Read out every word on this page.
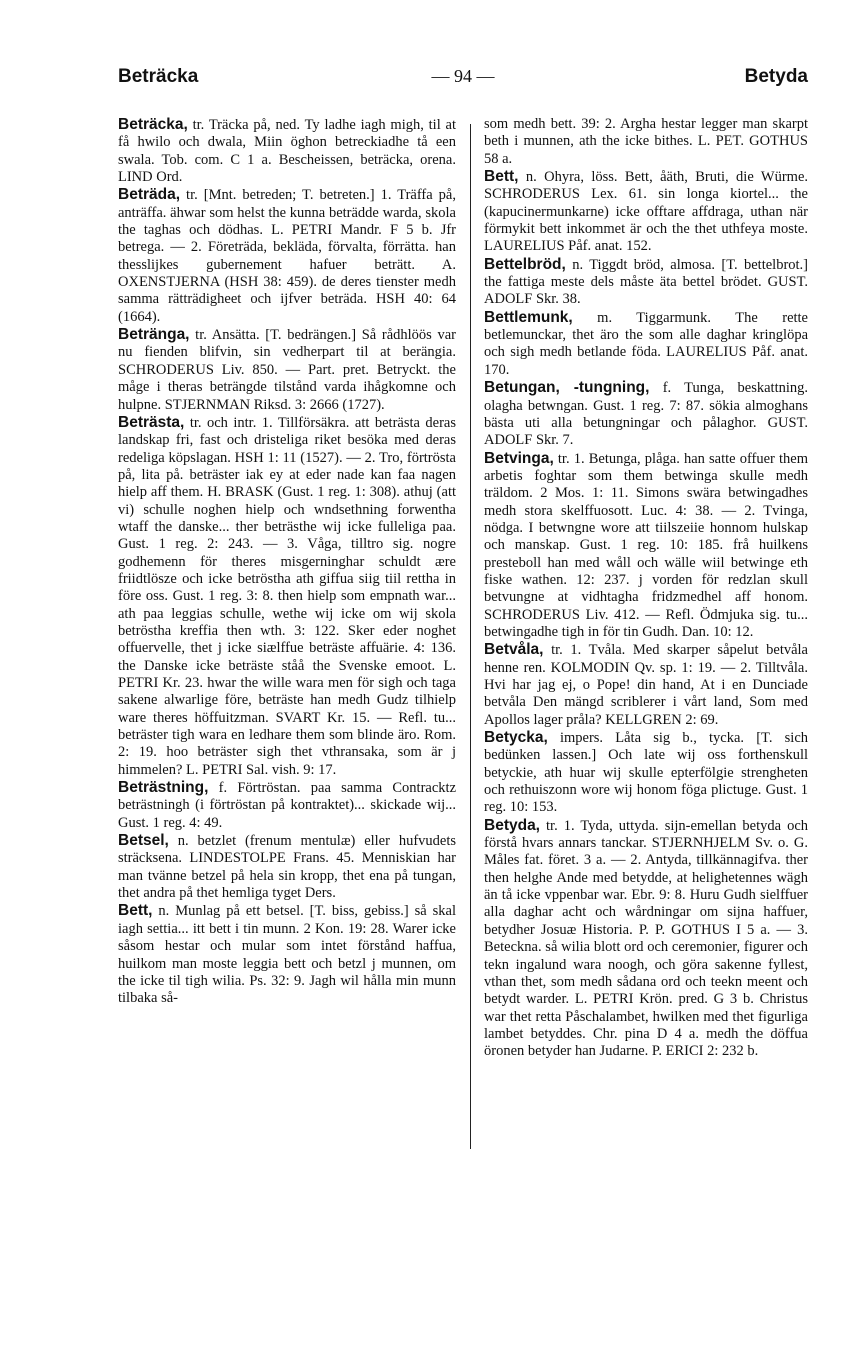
Beträcka	— 94 —	Betyda

Beträcka, tr. Träcka på, ned. Ty ladhe iagh migh, til at få hwilo och dwala, Miin öghon betreckiadhe tå een swala. Tob. com. C 1 a. Bescheissen, beträcka, orena. LIND Ord.

Beträda, tr. [Mnt. betreden; T. betreten.] 1. Träffa på, anträffa. ähwar som helst the kunna beträdde warda, skola the taghas och dödhas. L. PETRI Mandr. F 5 b. Jfr betrega. — 2. Företräda, bekläda, förvalta, förrätta. han thesslijkes gubernement hafuer beträtt. A. OXENSTJERNA (HSH 38: 459). de deres tienster medh samma rätträdigheet och ijfver beträda. HSH 40: 64 (1664).

Betränga, tr. Ansätta. [T. bedrängen.] Så rådhlöös var nu fienden blifvin, sin vedherpart til at berängia. SCHRODERUS Liv. 850. — Part. pret. Betryckt. the måge i theras beträngde tilstånd varda ihågkomne och hulpne. STJERNMAN Riksd. 3: 2666 (1727).

Beträsta, tr. och intr. 1. Tillförsäkra. att beträsta deras landskap fri, fast och dristeliga riket besöka med deras redeliga köpslagan. HSH 1: 11 (1527). — 2. Tro, förtrösta på, lita på. beträster iak ey at eder nade kan faa nagen hielp aff them. H. BRASK (Gust. 1 reg. 1: 308). athuj (att vi) schulle noghen hielp och wndsethning forwentha wtaff the danske... ther beträsthe wij icke fulleliga paa. Gust. 1 reg. 2: 243. — 3. Våga, tilltro sig. nogre godhemenn för theres misgerninghar schuldt ære friidtlösze och icke betröstha ath giffua siig tiil rettha in före oss. Gust. 1 reg. 3: 8. then hielp som empnath war... ath paa leggias schulle, wethe wij icke om wij skola betröstha kreffia then wth. 3: 122. Sker eder noghet offuervelle, thet j icke siælffue beträste affuärie. 4: 136. the Danske icke beträste ståå the Svenske emoot. L. PETRI Kr. 23. hwar the wille wara men för sigh och taga sakene alwarlige före, beträste han medh Gudz tilhielp ware theres höffuitzman. SVART Kr. 15. — Refl. tu... beträster tigh wara en ledhare them som blinde äro. Rom. 2: 19. hoo beträster sigh thet vthransaka, som är j himmelen? L. PETRI Sal. vish. 9: 17.

Beträstning, f. Förtröstan. paa samma Contracktz beträstningh (i förtröstan på kontraktet)... skickade wij... Gust. 1 reg. 4: 49.

Betsel, n. betzlet (frenum mentulæ) eller hufvudets sträcksena. LINDESTOLPE Frans. 45. Menniskian har man tvänne betzel på hela sin kropp, thet ena på tungan, thet andra på thet hemliga tyget Ders.

Bett, n. Munlag på ett betsel. [T. biss, gebiss.] så skal iagh settia... itt bett i tin munn. 2 Kon. 19: 28. Warer icke såsom hestar och mular som intet förstånd haffua, huilkom man moste leggia bett och betzl j munnen, om the icke til tigh wilia. Ps. 32: 9. Jagh wil hålla min munn tilbaka så-

som medh bett. 39: 2. Argha hestar legger man skarpt beth i munnen, ath the icke bithes. L. PET. GOTHUS 58 a.

Bett, n. Ohyra, löss. Bett, åäth, Bruti, die Würme. SCHRODERUS Lex. 61. sin longa kiortel... the (kapucinermunkarne) icke offtare affdraga, uthan när förmykit bett inkommet är och the thet uthfeya moste. LAURELIUS Påf. anat. 152.

Bettelbröd, n. Tiggdt bröd, almosa. [T. bettelbrot.] the fattiga meste dels måste äta bettel brödet. GUST. ADOLF Skr. 38.

Bettlemunk, m. Tiggarmunk. The rette betlemunckar, thet äro the som alle daghar kringlöpa och sigh medh betlande föda. LAURELIUS Påf. anat. 170.

Betungan, -tungning, f. Tunga, beskattning. olagha betwngan. Gust. 1 reg. 7: 87. sökia almoghans bästa uti alla betungningar och pålaghor. GUST. ADOLF Skr. 7.

Betvinga, tr. 1. Betunga, plåga. han satte offuer them arbetis foghtar som them betwinga skulle medh träldom. 2 Mos. 1: 11. Simons swära betwingadhes medh stora skelffuosott. Luc. 4: 38. — 2. Tvinga, nödga. I betwngne wore att tiilszeiie honnom hulskap och manskap. Gust. 1 reg. 10: 185. frå huilkens presteboll han med wåll och wälle wiil betwinge eth fiske wathen. 12: 237. j vorden för redzlan skull betvungne at vidhtagha fridzmedhel aff honom. SCHRODERUS Liv. 412. — Refl. Ödmjuka sig. tu... betwingadhe tigh in för tin Gudh. Dan. 10: 12.

Betvåla, tr. 1. Tvåla. Med skarper såpelut betvåla henne ren. KOLMODIN Qv. sp. 1: 19. — 2. Tilltvåla. Hvi har jag ej, o Pope! din hand, At i en Dunciade betvåla Den mängd scriblerer i vårt land, Som med Apollos lager pråla? KELLGREN 2: 69.

Betycka, impers. Låta sig b., tycka. [T. sich bedünken lassen.] Och late wij oss forthenskull betyckie, ath huar wij skulle epterfölgie strengheten och rethuiszonn wore wij honom föga plictuge. Gust. 1 reg. 10: 153.

Betyda, tr. 1. Tyda, uttyda. sijn-emellan betyda och förstå hvars annars tanckar. STJERNHJELM Sv. o. G. Måles fat. föret. 3 a. — 2. Antyda, tillkännagifva. ther then helghe Ande med betydde, at helighetennes wägh än tå icke vppenbar war. Ebr. 9: 8. Huru Gudh sielffuer alla daghar acht och wårdningar om sijna haffuer, betydher Josuæ Historia. P. P. GOTHUS I 5 a. — 3. Beteckna. så wilia blott ord och ceremonier, figurer och tekn ingalund wara noogh, och göra sakenne fyllest, vthan thet, som medh sådana ord och teekn meent och betydt warder. L. PETRI Krön. pred. G 3 b. Christus war thet retta Påschalambet, hwilken med thet figurliga lambet betyddes. Chr. pina D 4 a. medh the döffua öronen betyder han Judarne. P. ERICI 2: 232 b.
